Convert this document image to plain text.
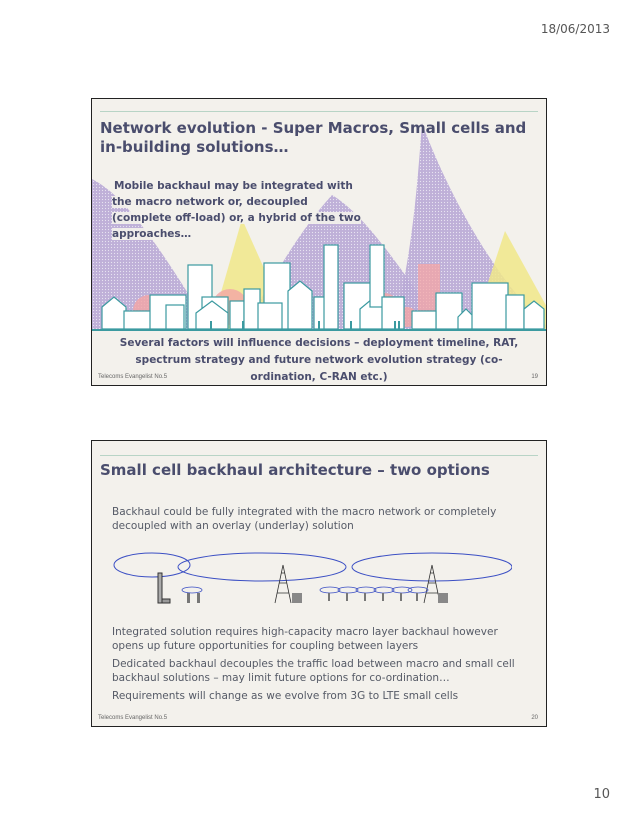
18/06/2013
Network evolution - Super Macros, Small cells and in-building solutions…
Mobile backhaul may be integrated with the macro network or, decoupled (complete off-load) or, a hybrid of the two approaches…
Several factors will influence decisions – deployment timeline, RAT, spectrum strategy and future network evolution strategy (co-ordination, C-RAN etc.)
Telecoms Evangelist No.5	19
Small cell backhaul architecture – two options
Backhaul could be fully integrated with the macro network or completely decoupled with an overlay (underlay) solution
Integrated solution requires high-capacity macro layer backhaul however opens up future opportunities for coupling between layers
Dedicated backhaul decouples the traffic load between macro and small cell backhaul solutions – may limit future options for co-ordination…
Requirements will change as we evolve from 3G to LTE small cells
Telecoms Evangelist No.5	20
10
